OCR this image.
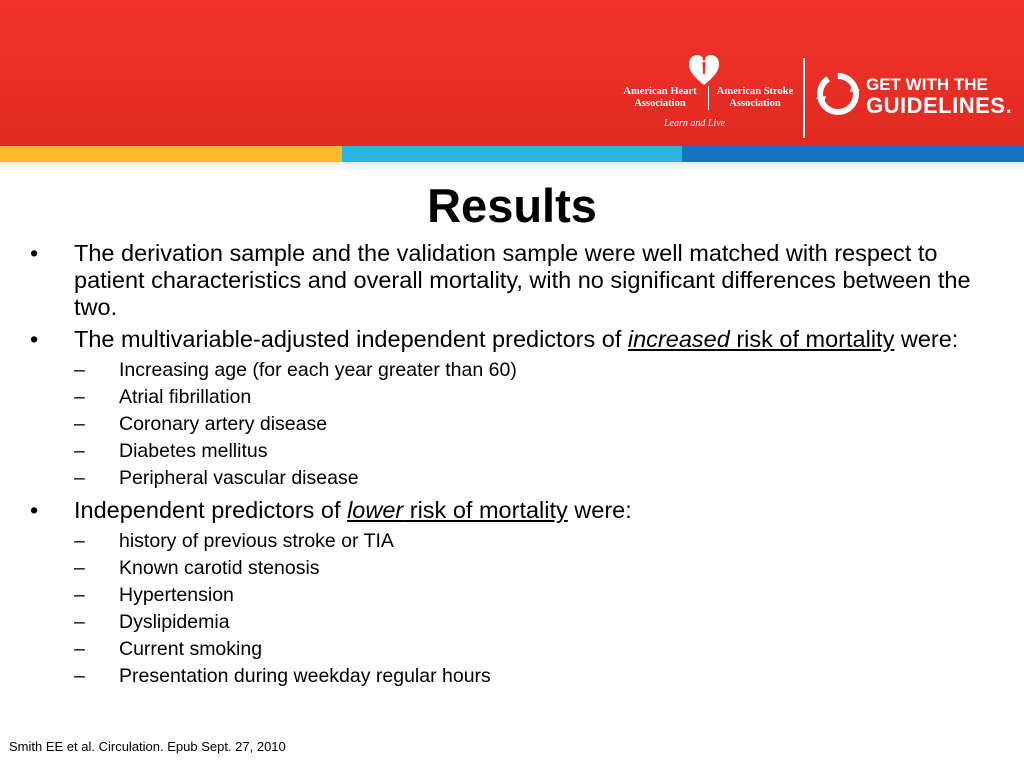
American Heart Association
American Stroke Association
Learn and Live
GET WITH THE
GUIDELINES.
Results
• The derivation sample and the validation sample were well matched with respect to patient characteristics and overall mortality, with no significant differences between the two.
• The multivariable-adjusted independent predictors of increased risk of mortality were:
– Increasing age (for each year greater than 60)
– Atrial fibrillation
– Coronary artery disease
– Diabetes mellitus
– Peripheral vascular disease
• Independent predictors of lower risk of mortality were:
– history of previous stroke or TIA
– Known carotid stenosis
– Hypertension
– Dyslipidemia
– Current smoking
– Presentation during weekday regular hours
Smith EE et al. Circulation. Epub Sept. 27, 2010
